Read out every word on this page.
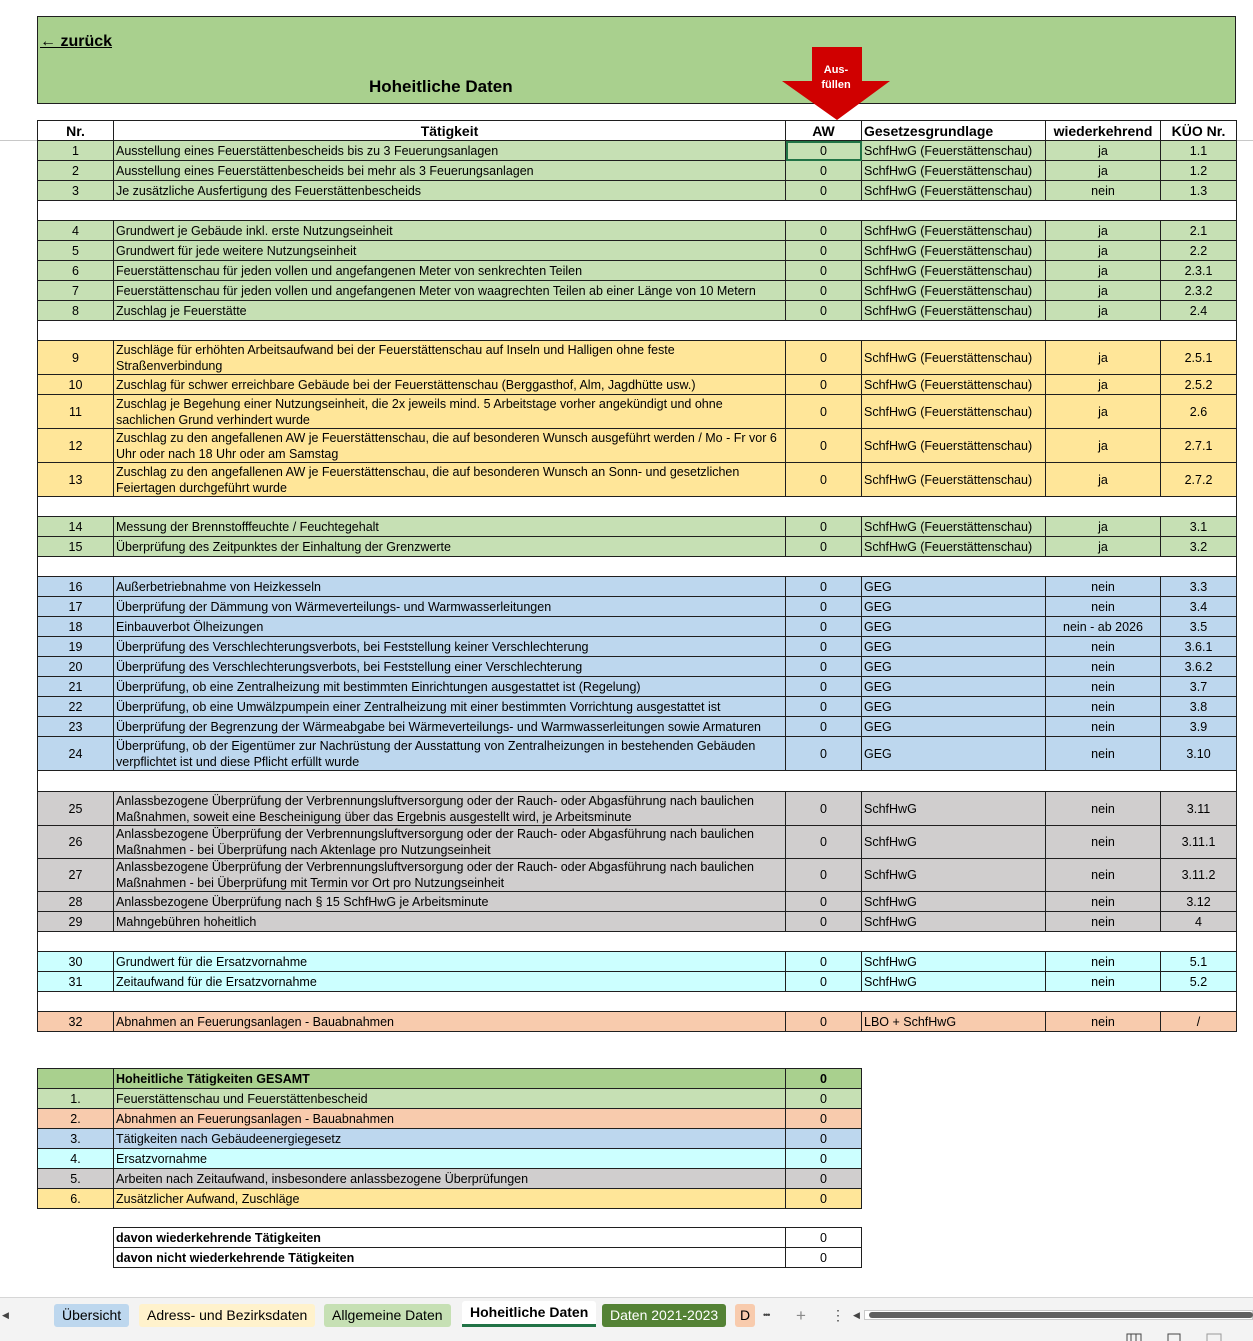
← zurück
Hoheitliche Daten
Aus-
füllen
Nr.	Tätigkeit	AW	Gesetzesgrundlage	wiederkehrend	KÜO Nr.
1	Ausstellung eines Feuerstättenbescheids bis zu 3 Feuerungsanlagen	0	SchfHwG (Feuerstättenschau)	ja	1.1
2	Ausstellung eines Feuerstättenbescheids bei mehr als 3 Feuerungsanlagen	0	SchfHwG (Feuerstättenschau)	ja	1.2
3	Je zusätzliche Ausfertigung des Feuerstättenbescheids	0	SchfHwG (Feuerstättenschau)	nein	1.3

4	Grundwert je Gebäude inkl. erste Nutzungseinheit	0	SchfHwG (Feuerstättenschau)	ja	2.1
5	Grundwert für jede weitere Nutzungseinheit	0	SchfHwG (Feuerstättenschau)	ja	2.2
6	Feuerstättenschau für jeden vollen und angefangenen Meter von senkrechten Teilen	0	SchfHwG (Feuerstättenschau)	ja	2.3.1
7	Feuerstättenschau für jeden vollen und angefangenen Meter von waagrechten Teilen ab einer Länge von 10 Metern	0	SchfHwG (Feuerstättenschau)	ja	2.3.2
8	Zuschlag je Feuerstätte	0	SchfHwG (Feuerstättenschau)	ja	2.4

9	Zuschläge für erhöhten Arbeitsaufwand bei der Feuerstättenschau auf Inseln und Halligen ohne feste Straßenverbindung	0	SchfHwG (Feuerstättenschau)	ja	2.5.1
10	Zuschlag für schwer erreichbare Gebäude bei der Feuerstättenschau (Berggasthof, Alm, Jagdhütte usw.)	0	SchfHwG (Feuerstättenschau)	ja	2.5.2
11	Zuschlag je Begehung einer Nutzungseinheit, die 2x jeweils mind. 5 Arbeitstage vorher angekündigt und ohne sachlichen Grund verhindert wurde	0	SchfHwG (Feuerstättenschau)	ja	2.6
12	Zuschlag zu den angefallenen AW je Feuerstättenschau, die auf besonderen Wunsch ausgeführt werden / Mo - Fr vor 6 Uhr oder nach 18 Uhr oder am Samstag	0	SchfHwG (Feuerstättenschau)	ja	2.7.1
13	Zuschlag zu den angefallenen AW je Feuerstättenschau, die auf besonderen Wunsch an Sonn- und gesetzlichen Feiertagen durchgeführt wurde	0	SchfHwG (Feuerstättenschau)	ja	2.7.2

14	Messung der Brennstofffeuchte / Feuchtegehalt	0	SchfHwG (Feuerstättenschau)	ja	3.1
15	Überprüfung des Zeitpunktes der Einhaltung der Grenzwerte	0	SchfHwG (Feuerstättenschau)	ja	3.2

16	Außerbetriebnahme von Heizkesseln	0	GEG	nein	3.3
17	Überprüfung der Dämmung von Wärmeverteilungs- und Warmwasserleitungen	0	GEG	nein	3.4
18	Einbauverbot Ölheizungen	0	GEG	nein - ab 2026	3.5
19	Überprüfung des Verschlechterungsverbots, bei Feststellung keiner Verschlechterung	0	GEG	nein	3.6.1
20	Überprüfung des Verschlechterungsverbots, bei Feststellung einer Verschlechterung	0	GEG	nein	3.6.2
21	Überprüfung, ob eine Zentralheizung mit bestimmten Einrichtungen ausgestattet ist (Regelung)	0	GEG	nein	3.7
22	Überprüfung, ob eine Umwälzpumpein einer Zentralheizung mit einer bestimmten Vorrichtung ausgestattet ist	0	GEG	nein	3.8
23	Überprüfung der Begrenzung der Wärmeabgabe bei Wärmeverteilungs- und Warmwasserleitungen sowie Armaturen	0	GEG	nein	3.9
24	Überprüfung, ob der Eigentümer zur Nachrüstung der Ausstattung von Zentralheizungen in bestehenden Gebäuden verpflichtet ist und diese Pflicht erfüllt wurde	0	GEG	nein	3.10

25	Anlassbezogene Überprüfung der Verbrennungsluftversorgung oder der Rauch- oder Abgasführung nach baulichen Maßnahmen, soweit eine Bescheinigung über das Ergebnis ausgestellt wird, je Arbeitsminute	0	SchfHwG	nein	3.11
26	Anlassbezogene Überprüfung der Verbrennungsluftversorgung oder der Rauch- oder Abgasführung nach baulichen Maßnahmen - bei Überprüfung nach Aktenlage pro Nutzungseinheit	0	SchfHwG	nein	3.11.1
27	Anlassbezogene Überprüfung der Verbrennungsluftversorgung oder der Rauch- oder Abgasführung nach baulichen Maßnahmen - bei Überprüfung mit Termin vor Ort pro Nutzungseinheit	0	SchfHwG	nein	3.11.2
28	Anlassbezogene Überprüfung nach § 15 SchfHwG je Arbeitsminute	0	SchfHwG	nein	3.12
29	Mahngebühren hoheitlich	0	SchfHwG	nein	4

30	Grundwert für die Ersatzvornahme	0	SchfHwG	nein	5.1
31	Zeitaufwand für die Ersatzvornahme	0	SchfHwG	nein	5.2

32	Abnahmen an Feuerungsanlagen - Bauabnahmen	0	LBO + SchfHwG	nein	/
	Hoheitliche Tätigkeiten GESAMT	0
1.	Feuerstättenschau und Feuerstättenbescheid	0
2.	Abnahmen an Feuerungsanlagen - Bauabnahmen	0
3.	Tätigkeiten nach Gebäudeenergiegesetz	0
4.	Ersatzvornahme	0
5.	Arbeiten nach Zeitaufwand, insbesondere anlassbezogene Überprüfungen	0
6.	Zusätzlicher Aufwand, Zuschläge	0
davon wiederkehrende Tätigkeiten	0
davon nicht wiederkehrende Tätigkeiten	0
◀	Übersicht	Adress- und Bezirksdaten	Allgemeine Daten	Hoheitliche Daten	Daten 2021-2023	D	••• + ⋮ ◀
